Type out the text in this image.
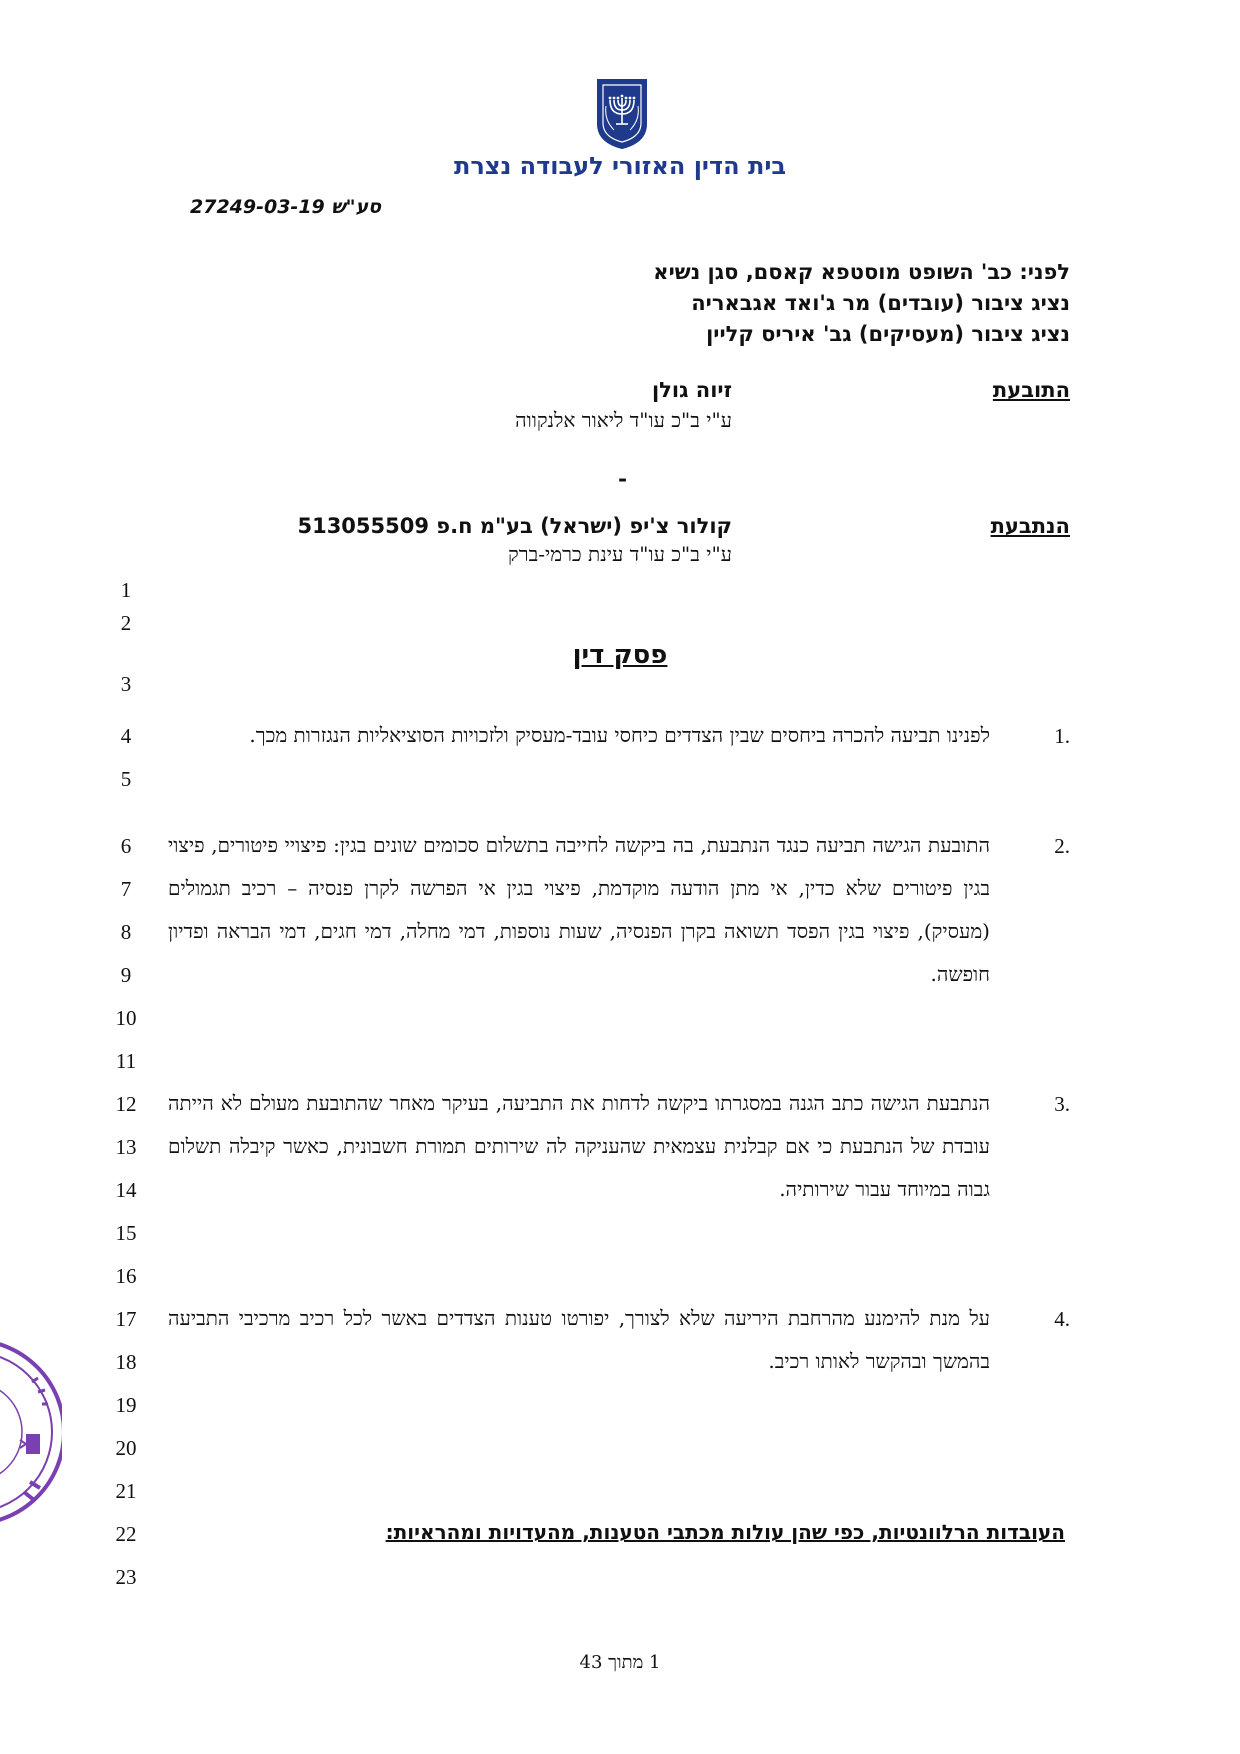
בית הדין האזורי לעבודה נצרת
סע"ש 27249-03-19
לפני: כב' השופט מוסטפא קאסם, סגן נשיא
נציג ציבור (עובדים) מר ג'ואד אגבאריה
נציג ציבור (מעסיקים) גב' איריס קליין
התובעת
זיוה גולן
ע"י ב"כ עו"ד ליאור אלנקווה
-
הנתבעת
קולור צ'יפ (ישראל) בע"מ ח.פ 513055509
ע"י ב"כ עו"ד עינת כרמי-ברק
1
2
3
4
5
6
7
8
9
10
11
12
13
14
15
16
17
18
19
20
21
22
23
פסק דין
1.
לפנינו תביעה להכרה ביחסים שבין הצדדים כיחסי עובד-מעסיק ולזכויות הסוציאליות הנגזרות מכך.
2.
התובעת הגישה תביעה כנגד הנתבעת, בה ביקשה לחייבה בתשלום סכומים שונים בגין: פיצויי פיטורים, פיצוי בגין פיטורים שלא כדין, אי מתן הודעה מוקדמת, פיצוי בגין אי הפרשה לקרן פנסיה – רכיב תגמולים (מעסיק), פיצוי בגין הפסד תשואה בקרן הפנסיה, שעות נוספות, דמי מחלה, דמי חגים, דמי הבראה ופדיון חופשה.
3.
הנתבעת הגישה כתב הגנה במסגרתו ביקשה לדחות את התביעה, בעיקר מאחר שהתובעת מעולם לא הייתה עובדת של הנתבעת כי אם קבלנית עצמאית שהעניקה לה שירותים תמורת חשבונית, כאשר קיבלה תשלום גבוה במיוחד עבור שירותיה.
4.
על מנת להימנע מהרחבת היריעה שלא לצורך, יפורטו טענות הצדדים באשר לכל רכיב מרכיבי התביעה בהמשך ובהקשר לאותו רכיב.
העובדות הרלוונטיות, כפי שהן עולות מכתבי הטענות, מהעדויות ומהראיות:
1 מתוך 43
